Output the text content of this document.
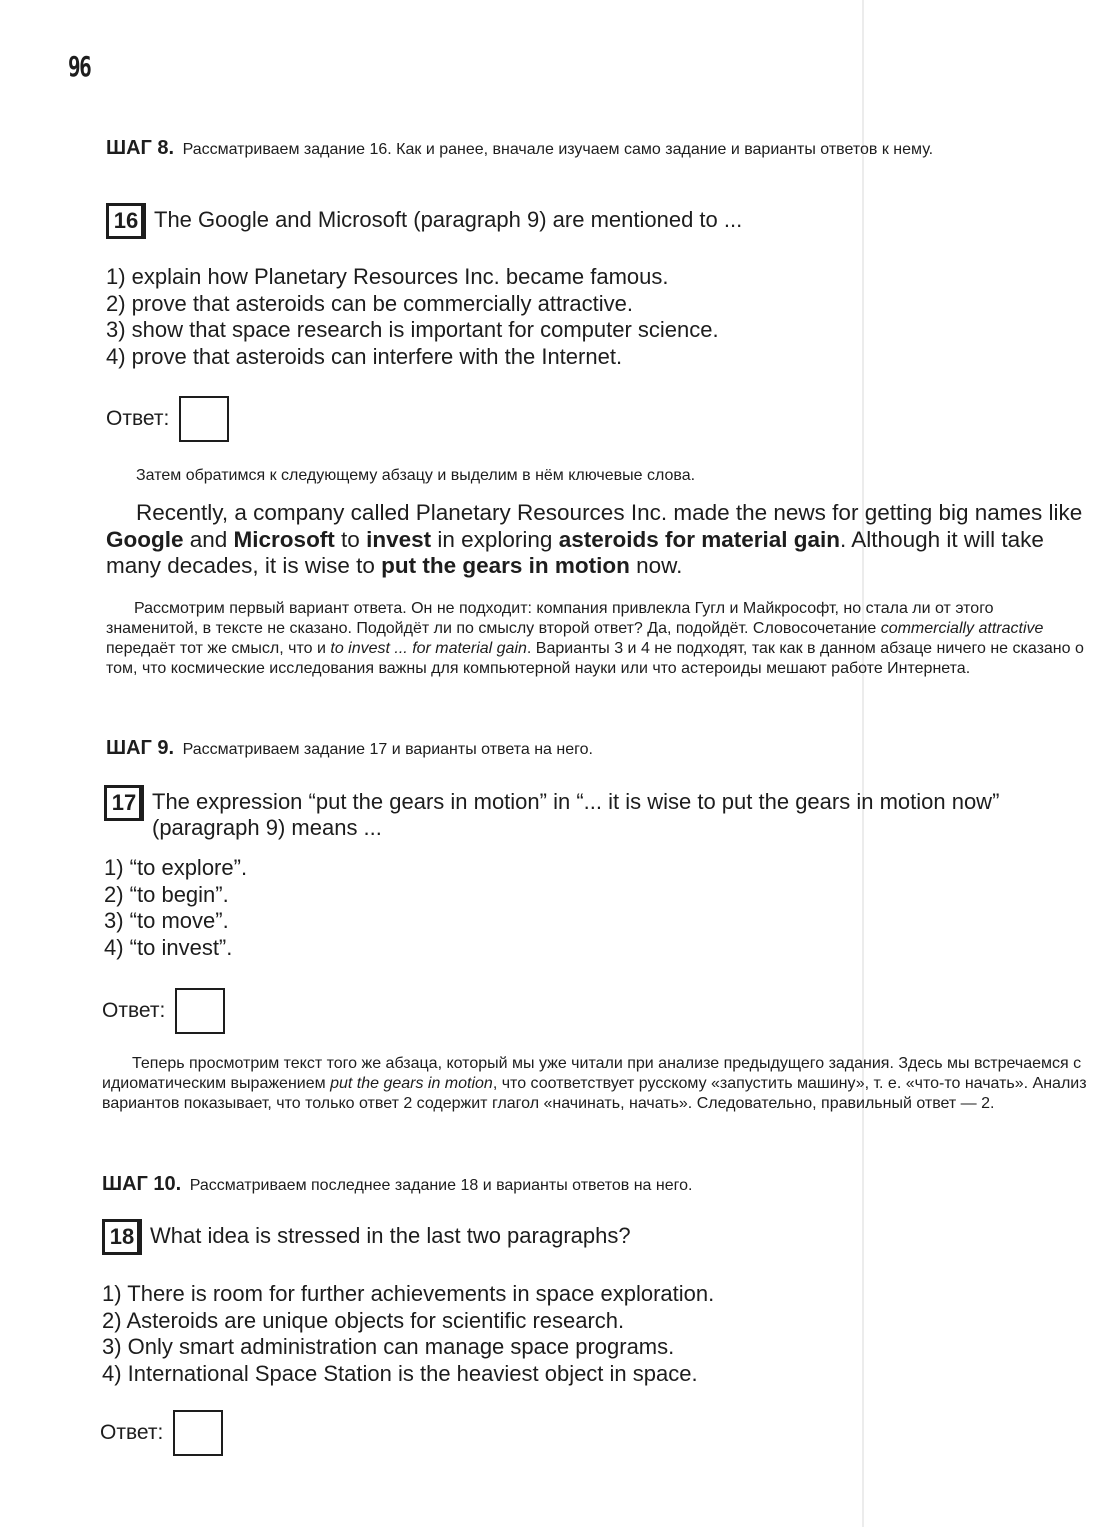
96
ШАГ 8. Рассматриваем задание 16. Как и ранее, вначале изучаем само задание и варианты ответов к нему.
16 The Google and Microsoft (paragraph 9) are mentioned to ...
1) explain how Planetary Resources Inc. became famous.
2) prove that asteroids can be commercially attractive.
3) show that space research is important for computer science.
4) prove that asteroids can interfere with the Internet.
Ответ:
Затем обратимся к следующему абзацу и выделим в нём ключевые слова.
Recently, a company called Planetary Resources Inc. made the news for getting big names like Google and Microsoft to invest in exploring asteroids for material gain. Although it will take many decades, it is wise to put the gears in motion now.
Рассмотрим первый вариант ответа. Он не подходит: компания привлекла Гугл и Майкрософт, но стала ли от этого знаменитой, в тексте не сказано. Подойдёт ли по смыслу второй ответ? Да, подойдёт. Словосочетание commercially attractive передаёт тот же смысл, что и to invest ... for material gain. Варианты 3 и 4 не подходят, так как в данном абзаце ничего не сказано о том, что космические исследования важны для компьютерной науки или что астероиды мешают работе Интернета.
ШАГ 9. Рассматриваем задание 17 и варианты ответа на него.
17 The expression “put the gears in motion” in “... it is wise to put the gears in motion now” (paragraph 9) means ...
1) “to explore”.
2) “to begin”.
3) “to move”.
4) “to invest”.
Ответ:
Теперь просмотрим текст того же абзаца, который мы уже читали при анализе предыдущего задания. Здесь мы встречаемся с идиоматическим выражением put the gears in motion, что соответствует русскому «запустить машину», т. е. «что-то начать». Анализ вариантов показывает, что только ответ 2 содержит глагол «начинать, начать». Следовательно, правильный ответ — 2.
ШАГ 10. Рассматриваем последнее задание 18 и варианты ответов на него.
18 What idea is stressed in the last two paragraphs?
1) There is room for further achievements in space exploration.
2) Asteroids are unique objects for scientific research.
3) Only smart administration can manage space programs.
4) International Space Station is the heaviest object in space.
Ответ:
